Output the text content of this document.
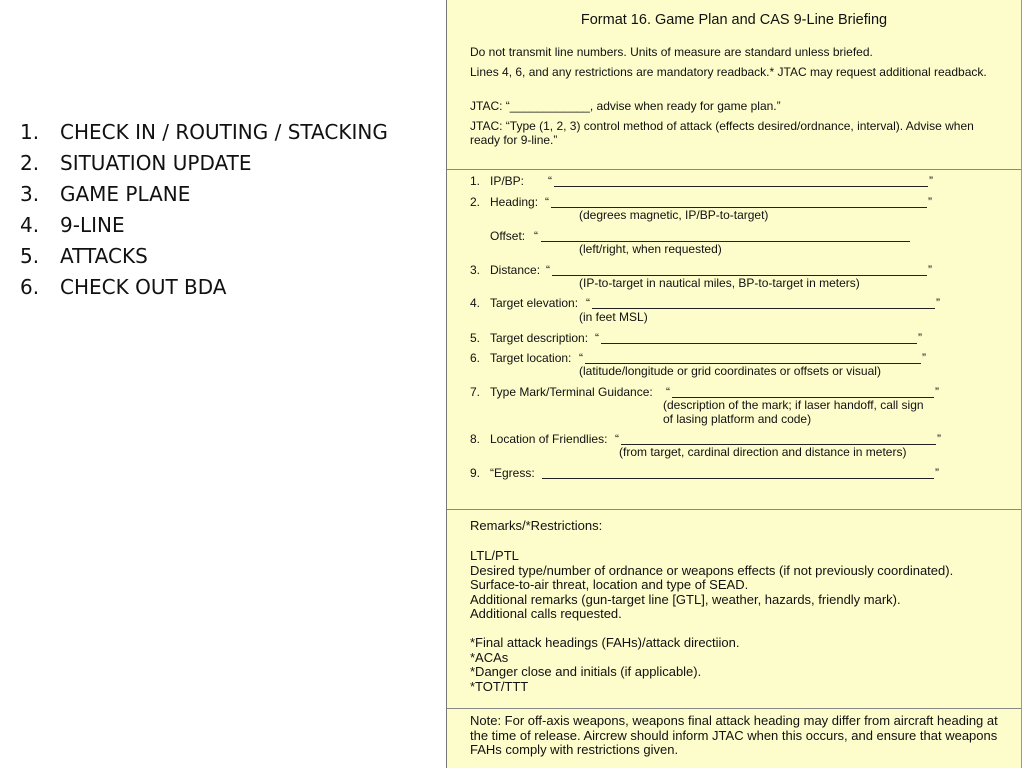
1. CHECK IN / ROUTING / STACKING
2. SITUATION UPDATE
3. GAME PLANE
4. 9-LINE
5. ATTACKS
6. CHECK OUT BDA
Format 16. Game Plan and CAS 9-Line Briefing
Do not transmit line numbers. Units of measure are standard unless briefed.
Lines 4, 6, and any restrictions are mandatory readback.* JTAC may request additional readback.
JTAC: “____________, advise when ready for game plan.”
JTAC: “Type (1, 2, 3) control method of attack (effects desired/ordnance, interval). Advise when ready for 9-line.”
1. IP/BP: “	”
2. Heading: “	”
(degrees magnetic, IP/BP-to-target)
Offset: “
(left/right, when requested)
3. Distance: “	”
(IP-to-target in nautical miles, BP-to-target in meters)
4. Target elevation: “	”
(in feet MSL)
5. Target description: “	”
6. Target location: “	”
(latitude/longitude or grid coordinates or offsets or visual)
7. Type Mark/Terminal Guidance: “	”
(description of the mark; if laser handoff, call sign
of lasing platform and code)
8. Location of Friendlies: “	”
(from target, cardinal direction and distance in meters)
9. “Egress:	”
Remarks/*Restrictions:
LTL/PTL
Desired type/number of ordnance or weapons effects (if not previously coordinated).
Surface-to-air threat, location and type of SEAD.
Additional remarks (gun-target line [GTL], weather, hazards, friendly mark).
Additional calls requested.
*Final attack headings (FAHs)/attack directiion.
*ACAs
*Danger close and initials (if applicable).
*TOT/TTT
Note: For off-axis weapons, weapons final attack heading may differ from aircraft heading at the time of release. Aircrew should inform JTAC when this occurs, and ensure that weapons FAHs comply with restrictions given.
